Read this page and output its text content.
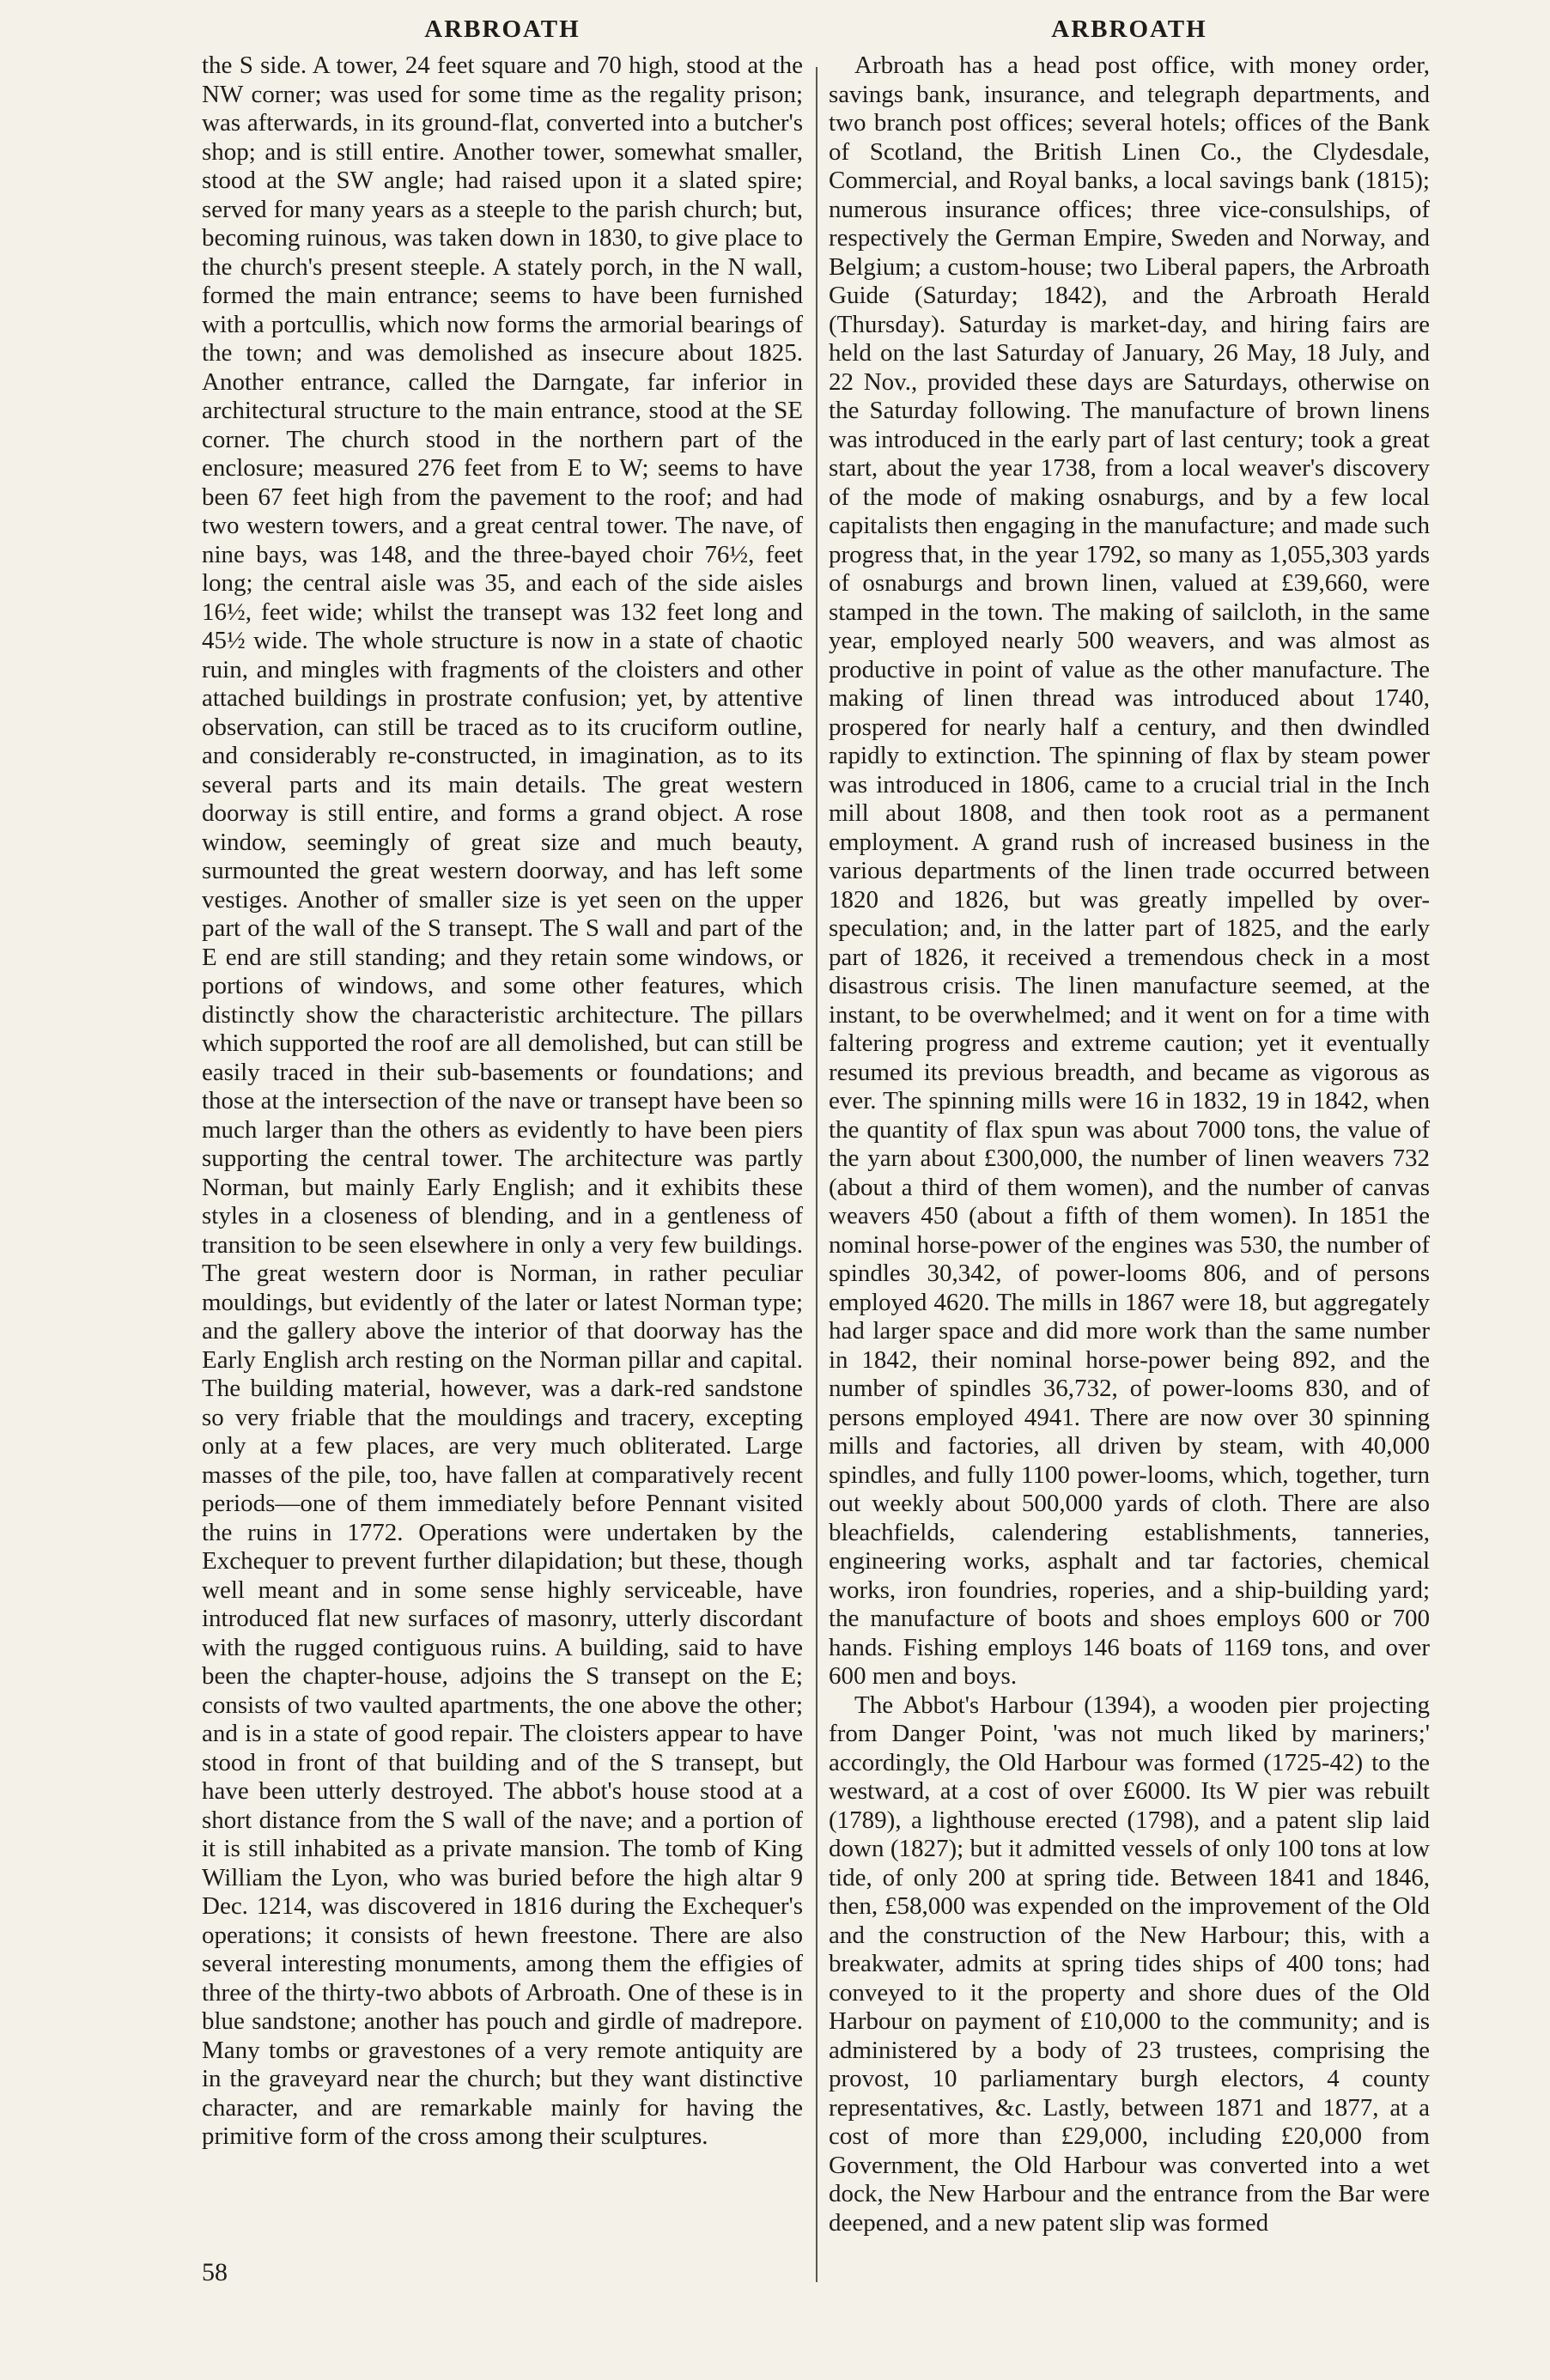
ARBROATH

the S side. A tower, 24 feet square and 70 high, stood at the NW corner; was used for some time as the regality prison; was afterwards, in its ground-flat, converted into a butcher's shop; and is still entire. Another tower, somewhat smaller, stood at the SW angle; had raised upon it a slated spire; served for many years as a steeple to the parish church; but, becoming ruinous, was taken down in 1830, to give place to the church's present steeple. A stately porch, in the N wall, formed the main entrance; seems to have been furnished with a portcullis, which now forms the armorial bearings of the town; and was demolished as insecure about 1825. Another entrance, called the Darngate, far inferior in architectural structure to the main entrance, stood at the SE corner. The church stood in the northern part of the enclosure; measured 276 feet from E to W; seems to have been 67 feet high from the pavement to the roof; and had two western towers, and a great central tower. The nave, of nine bays, was 148, and the three-bayed choir 76½, feet long; the central aisle was 35, and each of the side aisles 16½, feet wide; whilst the transept was 132 feet long and 45½ wide. The whole structure is now in a state of chaotic ruin, and mingles with fragments of the cloisters and other attached buildings in prostrate confusion; yet, by attentive observation, can still be traced as to its cruciform outline, and considerably re-constructed, in imagination, as to its several parts and its main details. The great western doorway is still entire, and forms a grand object. A rose window, seemingly of great size and much beauty, surmounted the great western doorway, and has left some vestiges. Another of smaller size is yet seen on the upper part of the wall of the S transept. The S wall and part of the E end are still standing; and they retain some windows, or portions of windows, and some other features, which distinctly show the characteristic architecture. The pillars which supported the roof are all demolished, but can still be easily traced in their sub-basements or foundations; and those at the intersection of the nave or transept have been so much larger than the others as evidently to have been piers supporting the central tower. The architecture was partly Norman, but mainly Early English; and it exhibits these styles in a closeness of blending, and in a gentleness of transition to be seen elsewhere in only a very few buildings. The great western door is Norman, in rather peculiar mouldings, but evidently of the later or latest Norman type; and the gallery above the interior of that doorway has the Early English arch resting on the Norman pillar and capital. The building material, however, was a dark-red sandstone so very friable that the mouldings and tracery, excepting only at a few places, are very much obliterated. Large masses of the pile, too, have fallen at comparatively recent periods—one of them immediately before Pennant visited the ruins in 1772. Operations were undertaken by the Exchequer to prevent further dilapidation; but these, though well meant and in some sense highly serviceable, have introduced flat new surfaces of masonry, utterly discordant with the rugged contiguous ruins. A building, said to have been the chapter-house, adjoins the S transept on the E; consists of two vaulted apartments, the one above the other; and is in a state of good repair. The cloisters appear to have stood in front of that building and of the S transept, but have been utterly destroyed. The abbot's house stood at a short distance from the S wall of the nave; and a portion of it is still inhabited as a private mansion. The tomb of King William the Lyon, who was buried before the high altar 9 Dec. 1214, was discovered in 1816 during the Exchequer's operations; it consists of hewn freestone. There are also several interesting monuments, among them the effigies of three of the thirty-two abbots of Arbroath. One of these is in blue sandstone; another has pouch and girdle of madrepore. Many tombs or gravestones of a very remote antiquity are in the graveyard near the church; but they want distinctive character, and are remarkable mainly for having the primitive form of the cross among their sculptures.

ARBROATH

Arbroath has a head post office, with money order, savings bank, insurance, and telegraph departments, and two branch post offices; several hotels; offices of the Bank of Scotland, the British Linen Co., the Clydesdale, Commercial, and Royal banks, a local savings bank (1815); numerous insurance offices; three vice-consulships, of respectively the German Empire, Sweden and Norway, and Belgium; a custom-house; two Liberal papers, the Arbroath Guide (Saturday; 1842), and the Arbroath Herald (Thursday). Saturday is market-day, and hiring fairs are held on the last Saturday of January, 26 May, 18 July, and 22 Nov., provided these days are Saturdays, otherwise on the Saturday following. The manufacture of brown linens was introduced in the early part of last century; took a great start, about the year 1738, from a local weaver's discovery of the mode of making osnaburgs, and by a few local capitalists then engaging in the manufacture; and made such progress that, in the year 1792, so many as 1,055,303 yards of osnaburgs and brown linen, valued at £39,660, were stamped in the town. The making of sailcloth, in the same year, employed nearly 500 weavers, and was almost as productive in point of value as the other manufacture. The making of linen thread was introduced about 1740, prospered for nearly half a century, and then dwindled rapidly to extinction. The spinning of flax by steam power was introduced in 1806, came to a crucial trial in the Inch mill about 1808, and then took root as a permanent employment. A grand rush of increased business in the various departments of the linen trade occurred between 1820 and 1826, but was greatly impelled by over-speculation; and, in the latter part of 1825, and the early part of 1826, it received a tremendous check in a most disastrous crisis. The linen manufacture seemed, at the instant, to be overwhelmed; and it went on for a time with faltering progress and extreme caution; yet it eventually resumed its previous breadth, and became as vigorous as ever. The spinning mills were 16 in 1832, 19 in 1842, when the quantity of flax spun was about 7000 tons, the value of the yarn about £300,000, the number of linen weavers 732 (about a third of them women), and the number of canvas weavers 450 (about a fifth of them women). In 1851 the nominal horse-power of the engines was 530, the number of spindles 30,342, of power-looms 806, and of persons employed 4620. The mills in 1867 were 18, but aggregately had larger space and did more work than the same number in 1842, their nominal horse-power being 892, and the number of spindles 36,732, of power-looms 830, and of persons employed 4941. There are now over 30 spinning mills and factories, all driven by steam, with 40,000 spindles, and fully 1100 power-looms, which, together, turn out weekly about 500,000 yards of cloth. There are also bleachfields, calendering establishments, tanneries, engineering works, asphalt and tar factories, chemical works, iron foundries, roperies, and a ship-building yard; the manufacture of boots and shoes employs 600 or 700 hands. Fishing employs 146 boats of 1169 tons, and over 600 men and boys.

The Abbot's Harbour (1394), a wooden pier projecting from Danger Point, 'was not much liked by mariners;' accordingly, the Old Harbour was formed (1725-42) to the westward, at a cost of over £6000. Its W pier was rebuilt (1789), a lighthouse erected (1798), and a patent slip laid down (1827); but it admitted vessels of only 100 tons at low tide, of only 200 at spring tide. Between 1841 and 1846, then, £58,000 was expended on the improvement of the Old and the construction of the New Harbour; this, with a breakwater, admits at spring tides ships of 400 tons; had conveyed to it the property and shore dues of the Old Harbour on payment of £10,000 to the community; and is administered by a body of 23 trustees, comprising the provost, 10 parliamentary burgh electors, 4 county representatives, &c. Lastly, between 1871 and 1877, at a cost of more than £29,000, including £20,000 from Government, the Old Harbour was converted into a wet dock, the New Harbour and the entrance from the Bar were deepened, and a new patent slip was formed

58
